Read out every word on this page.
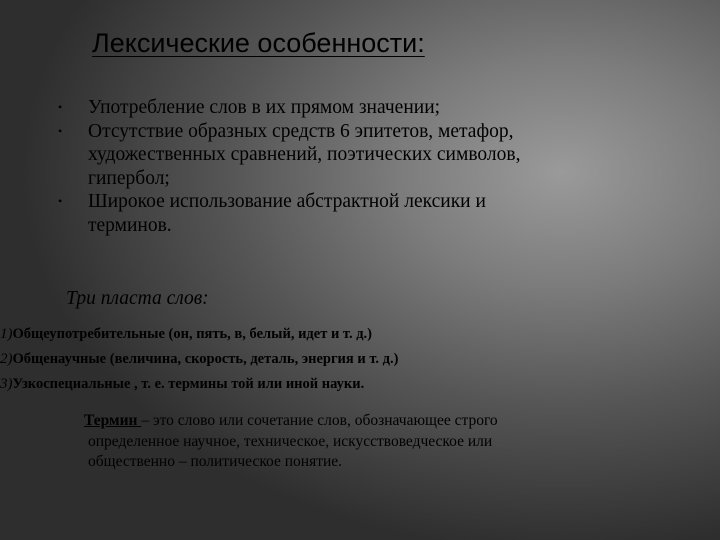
Лексические особенности:
• Употребление слов в их прямом значении;
• Отсутствие образных средств 6 эпитетов, метафор,
художественных сравнений, поэтических символов,
гипербол;
• Широкое использование абстрактной лексики и
терминов.
Три пласта слов:
1)Общеупотребительные (он, пять, в, белый, идет и т. д.)
2)Общенаучные (величина, скорость, деталь, энергия и т. д.)
3)Узкоспециальные , т. е. термины той или иной науки.
Термин – это слово или сочетание слов, обозначающее строго
определенное научное, техническое, искусствоведческое или
общественно – политическое понятие.
